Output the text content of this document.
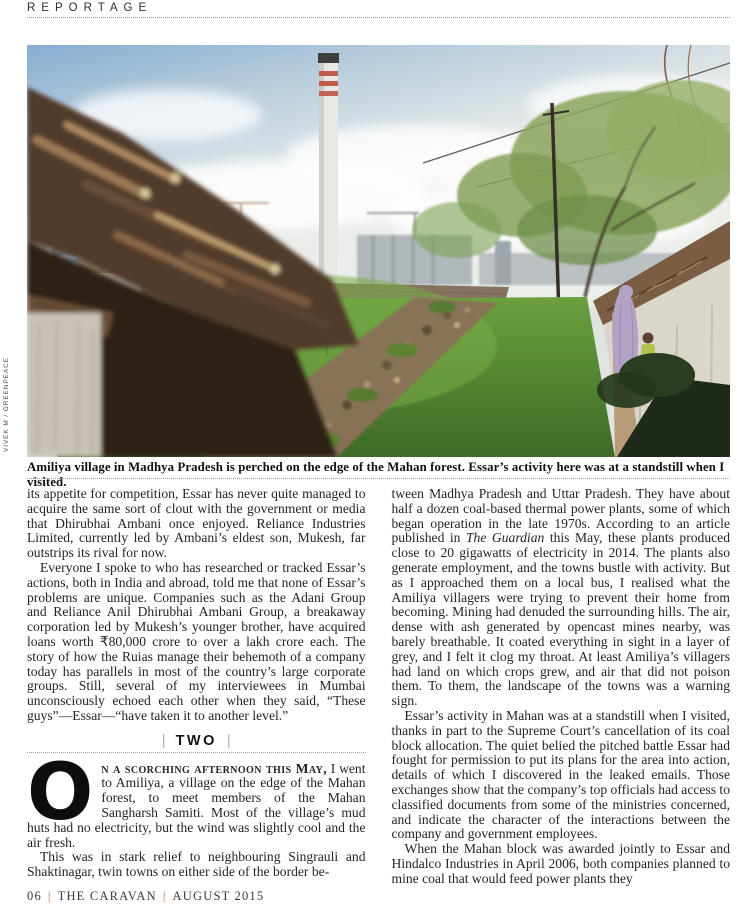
REPORTAGE
VIVEK M / GREENPEACE
Amiliya village in Madhya Pradesh is perched on the edge of the Mahan forest. Essar’s activity here was at a standstill when I visited.

its appetite for competition, Essar has never quite managed to acquire the same sort of clout with the government or media that Dhirubhai Ambani once enjoyed. Reliance Industries Limited, currently led by Ambani’s eldest son, Mukesh, far outstrips its rival for now.

Everyone I spoke to who has researched or tracked Essar’s actions, both in India and abroad, told me that none of Essar’s problems are unique. Companies such as the Adani Group and Reliance Anil Dhirubhai Ambani Group, a breakaway corporation led by Mukesh’s younger brother, have acquired loans worth ₹80,000 crore to over a lakh crore each. The story of how the Ruias manage their behemoth of a company today has parallels in most of the country’s large corporate groups. Still, several of my interviewees in Mumbai unconsciously echoed each other when they said, “These guys”—Essar—“have taken it to another level.”

| TWO |

On a scorching afternoon this May, I went to Amiliya, a village on the edge of the Mahan forest, to meet members of the Mahan Sangharsh Samiti. Most of the village’s mud huts had no electricity, but the wind was slightly cool and the air fresh.

This was in stark relief to neighbouring Singrauli and Shaktinagar, twin towns on either side of the border be-

tween Madhya Pradesh and Uttar Pradesh. They have about half a dozen coal-based thermal power plants, some of which began operation in the late 1970s. According to an article published in The Guardian this May, these plants produced close to 20 gigawatts of electricity in 2014. The plants also generate employment, and the towns bustle with activity. But as I approached them on a local bus, I realised what the Amiliya villagers were trying to prevent their home from becoming. Mining had denuded the surrounding hills. The air, dense with ash generated by opencast mines nearby, was barely breathable. It coated everything in sight in a layer of grey, and I felt it clog my throat. At least Amiliya’s villagers had land on which crops grew, and air that did not poison them. To them, the landscape of the towns was a warning sign.

Essar’s activity in Mahan was at a standstill when I visited, thanks in part to the Supreme Court’s cancellation of its coal block allocation. The quiet belied the pitched battle Essar had fought for permission to put its plans for the area into action, details of which I discovered in the leaked emails. Those exchanges show that the company’s top officials had access to classified documents from some of the ministries concerned, and indicate the character of the interactions between the company and government employees.

When the Mahan block was awarded jointly to Essar and Hindalco Industries in April 2006, both companies planned to mine coal that would feed power plants they

06 | THE CARAVAN | AUGUST 2015
